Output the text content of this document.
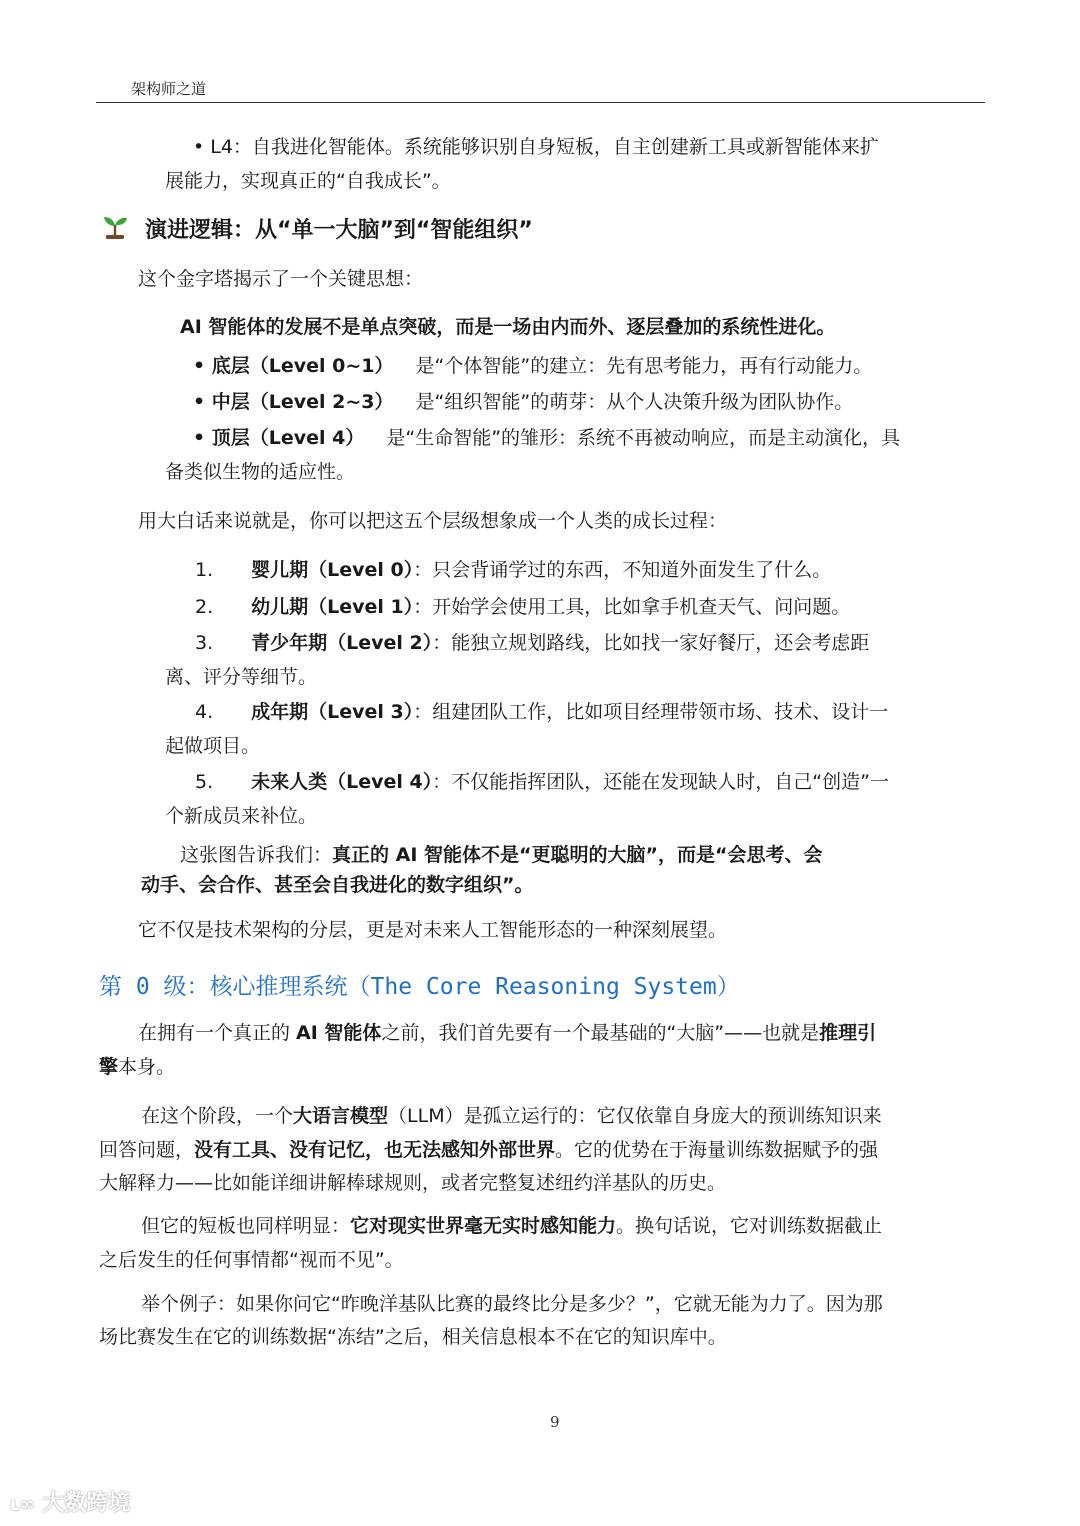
架构师之道
• L4：自我进化智能体。系统能够识别自身短板，自主创建新工具或新智能体来扩
展能力，实现真正的“自我成长”。
演进逻辑：从“单一大脑”到“智能组织”
这个金字塔揭示了一个关键思想：
AI 智能体的发展不是单点突破，而是一场由内而外、逐层叠加的系统性进化。
• 底层（Level 0~1） 是“个体智能”的建立：先有思考能力，再有行动能力。
• 中层（Level 2~3） 是“组织智能”的萌芽：从个人决策升级为团队协作。
• 顶层（Level 4） 是“生命智能”的雏形：系统不再被动响应，而是主动演化，具
备类似生物的适应性。
用大白话来说就是，你可以把这五个层级想象成一个人类的成长过程：
1. 婴儿期（Level 0）：只会背诵学过的东西，不知道外面发生了什么。
2. 幼儿期（Level 1）：开始学会使用工具，比如拿手机查天气、问问题。
3. 青少年期（Level 2）：能独立规划路线，比如找一家好餐厅，还会考虑距
离、评分等细节。
4. 成年期（Level 3）：组建团队工作，比如项目经理带领市场、技术、设计一
起做项目。
5. 未来人类（Level 4）：不仅能指挥团队，还能在发现缺人时，自己“创造”一
个新成员来补位。
这张图告诉我们：真正的 AI 智能体不是“更聪明的大脑”，而是“会思考、会
动手、会合作、甚至会自我进化的数字组织”。
它不仅是技术架构的分层，更是对未来人工智能形态的一种深刻展望。
第 0 级：核心推理系统（The Core Reasoning System）
在拥有一个真正的 AI 智能体之前，我们首先要有一个最基础的“大脑”——也就是推理引
擎本身。
在这个阶段，一个大语言模型（LLM）是孤立运行的：它仅依靠自身庞大的预训练知识来
回答问题，没有工具、没有记忆，也无法感知外部世界。它的优势在于海量训练数据赋予的强
大解释力——比如能详细讲解棒球规则，或者完整复述纽约洋基队的历史。
但它的短板也同样明显：它对现实世界毫无实时感知能力。换句话说，它对训练数据截止
之后发生的任何事情都“视而不见”。
举个例子：如果你问它“昨晚洋基队比赛的最终比分是多少？”，它就无能为力了。因为那
场比赛发生在它的训练数据“冻结”之后，相关信息根本不在它的知识库中。
9
ʟ∞ 大数跨境
